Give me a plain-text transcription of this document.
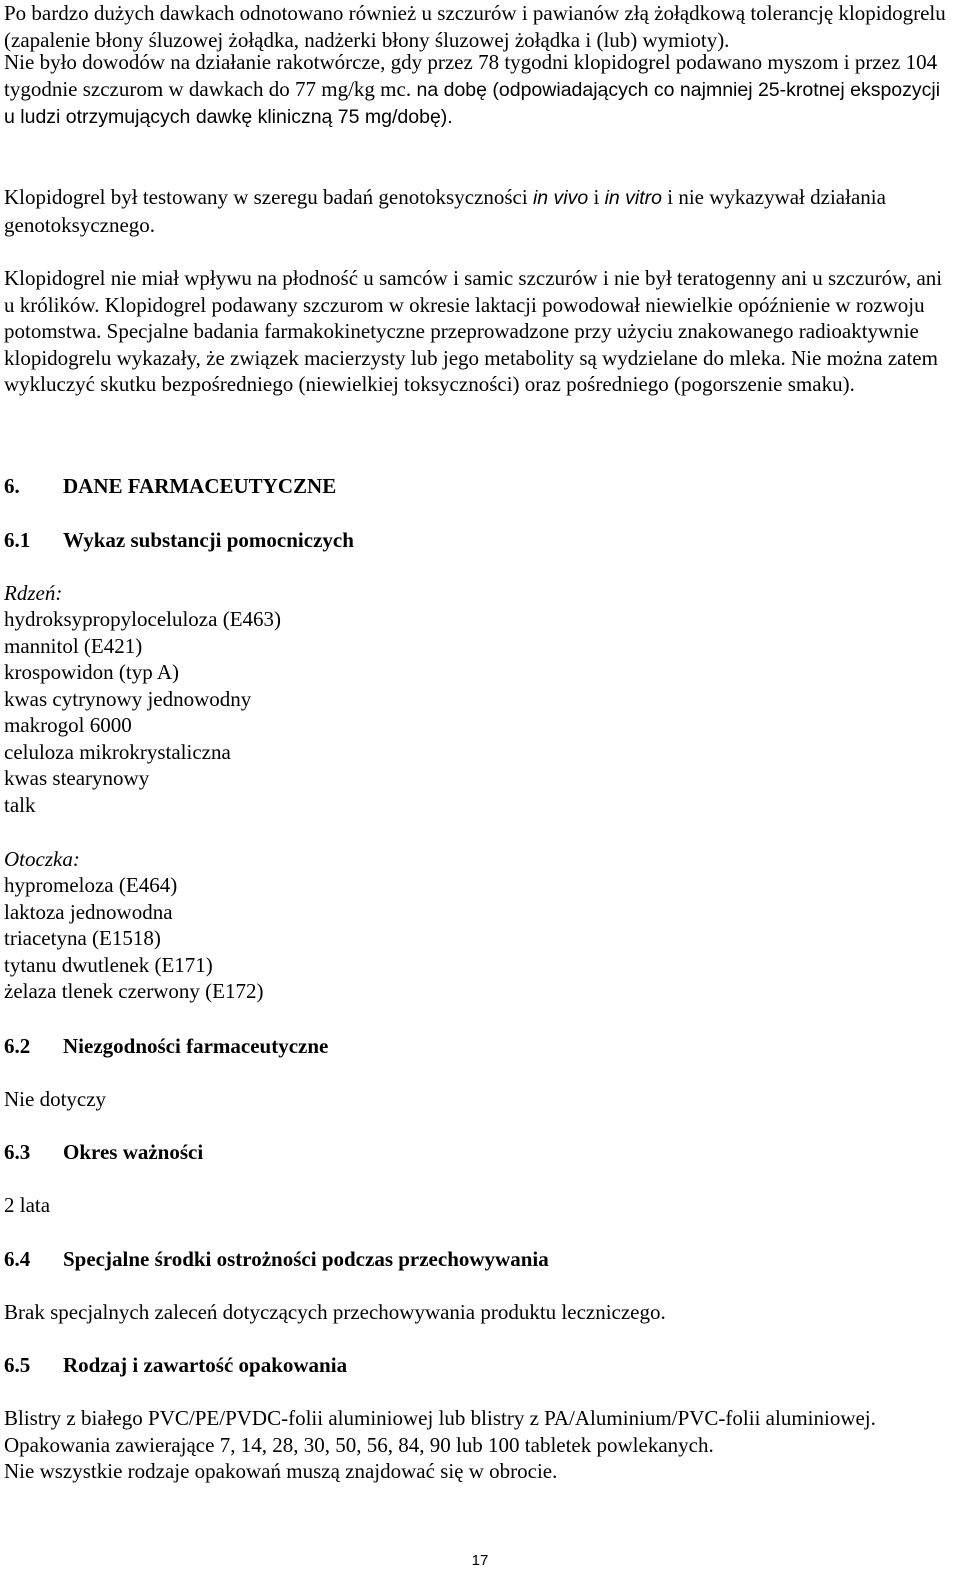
Po bardzo dużych dawkach odnotowano również u szczurów i pawianów złą żołądkową tolerancję klopidogrelu (zapalenie błony śluzowej żołądka, nadżerki błony śluzowej żołądka i (lub) wymioty).

Nie było dowodów na działanie rakotwórcze, gdy przez 78 tygodni klopidogrel podawano myszom i przez 104 tygodnie szczurom w dawkach do 77 mg/kg mc. na dobę (odpowiadających co najmniej 25-krotnej ekspozycji u ludzi otrzymujących dawkę kliniczną 75 mg/dobę).

Klopidogrel był testowany w szeregu badań genotoksyczności in vivo i in vitro i nie wykazywał działania genotoksycznego.

Klopidogrel nie miał wpływu na płodność u samców i samic szczurów i nie był teratogenny ani u szczurów, ani u królików. Klopidogrel podawany szczurom w okresie laktacji powodował niewielkie opóźnienie w rozwoju potomstwa. Specjalne badania farmakokinetyczne przeprowadzone przy użyciu znakowanego radioaktywnie klopidogrelu wykazały, że związek macierzysty lub jego metabolity są wydzielane do mleka. Nie można zatem wykluczyć skutku bezpośredniego (niewielkiej toksyczności) oraz pośredniego (pogorszenie smaku).

6. DANE FARMACEUTYCZNE
6.1 Wykaz substancji pomocniczych

Rdzeń:

hydroksypropyloceluloza (E463)
mannitol (E421)
krospowidon (typ A)
kwas cytrynowy jednowodny
makrogol 6000
celuloza mikrokrystaliczna
kwas stearynowy
talk

Otoczka:

hypromeloza (E464)
laktoza jednowodna
triacetyna (E1518)
tytanu dwutlenek (E171)
żelaza tlenek czerwony (E172)
6.2 Niezgodności farmaceutyczne

Nie dotyczy

6.3 Okres ważności

2 lata

6.4 Specjalne środki ostrożności podczas przechowywania

Brak specjalnych zaleceń dotyczących przechowywania produktu leczniczego.

6.5 Rodzaj i zawartość opakowania

Blistry z białego PVC/PE/PVDC-folii aluminiowej lub blistry z PA/Aluminium/PVC-folii aluminiowej.

Opakowania zawierające 7, 14, 28, 30, 50, 56, 84, 90 lub 100 tabletek powlekanych.

Nie wszystkie rodzaje opakowań muszą znajdować się w obrocie.

17
